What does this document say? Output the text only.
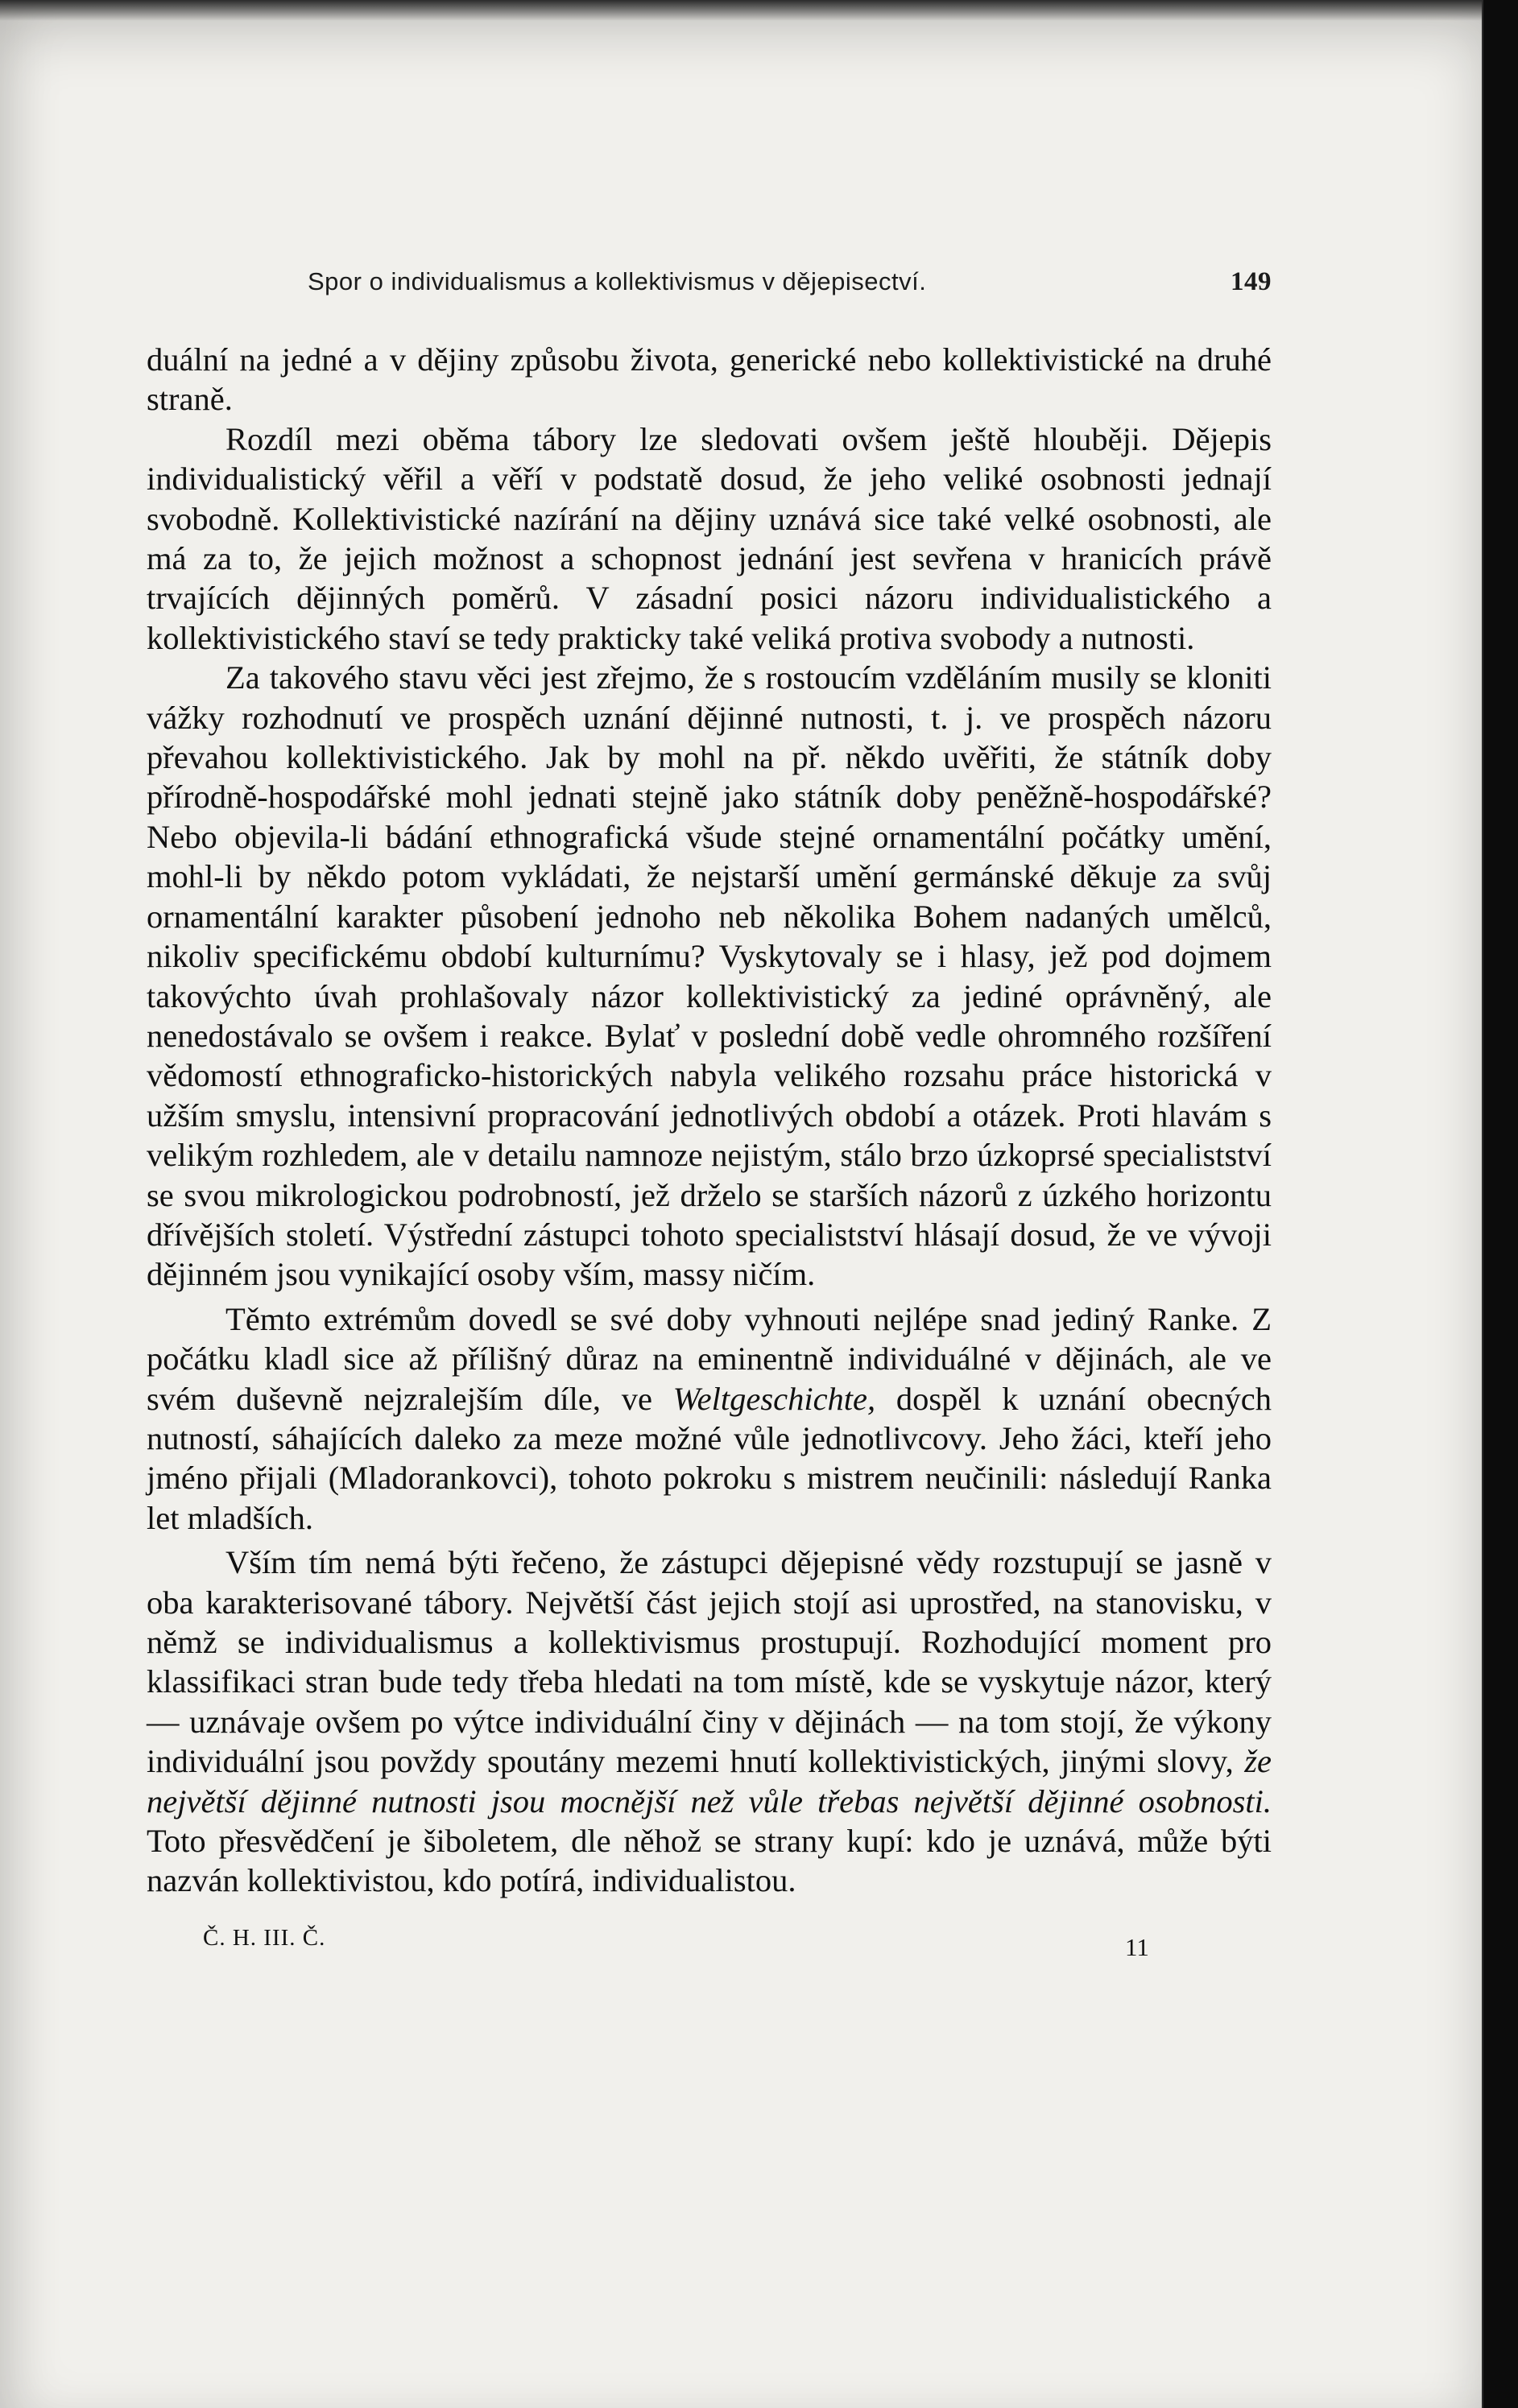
Spor o individualismus a kollektivismus v dějepisectví.	149

duální na jedné a v dějiny způsobu života, generické nebo kollektivistické na druhé straně.

Rozdíl mezi oběma tábory lze sledovati ovšem ještě hlouběji. Dějepis individualistický věřil a věří v podstatě dosud, že jeho veliké osobnosti jednají svobodně. Kollektivistické nazírání na dějiny uznává sice také velké osobnosti, ale má za to, že jejich možnost a schopnost jednání jest sevřena v hranicích právě trvajících dějinných poměrů. V zásadní posici názoru individualistického a kollektivistického staví se tedy prakticky také veliká protiva svobody a nutnosti.

Za takového stavu věci jest zřejmo, že s rostoucím vzděláním musily se kloniti vážky rozhodnutí ve prospěch uznání dějinné nutnosti, t. j. ve prospěch názoru převahou kollektivistického. Jak by mohl na př. někdo uvěřiti, že státník doby přírodně-hospodářské mohl jednati stejně jako státník doby peněžně-hospodářské? Nebo objevila-li bádání ethnografická všude stejné ornamentální počátky umění, mohl-li by někdo potom vykládati, že nejstarší umění germánské děkuje za svůj ornamentální karakter působení jednoho neb několika Bohem nadaných umělců, nikoliv specifickému období kulturnímu? Vyskytovaly se i hlasy, jež pod dojmem takovýchto úvah prohlašovaly názor kollektivistický za jediné oprávněný, ale nenedostávalo se ovšem i reakce. Bylať v poslední době vedle ohromného rozšíření vědomostí ethnograficko-historických nabyla velikého rozsahu práce historická v užším smyslu, intensivní propracování jednotlivých období a otázek. Proti hlavám s velikým rozhledem, ale v detailu namnoze nejistým, stálo brzo úzkoprsé specialistství se svou mikrologickou podrobností, jež drželo se starších názorů z úzkého horizontu dřívějších století. Výstřední zástupci tohoto specialistství hlásají dosud, že ve vývoji dějinném jsou vynikající osoby vším, massy ničím.

Těmto extrémům dovedl se své doby vyhnouti nejlépe snad jediný Ranke. Z počátku kladl sice až přílišný důraz na eminentně individuálné v dějinách, ale ve svém duševně nejzralejším díle, ve Weltgeschichte, dospěl k uznání obecných nutností, sáhajících daleko za meze možné vůle jednotlivcovy. Jeho žáci, kteří jeho jméno přijali (Mladorankovci), tohoto pokroku s mistrem neučinili: následují Ranka let mladších.

Vším tím nemá býti řečeno, že zástupci dějepisné vědy rozstupují se jasně v oba karakterisované tábory. Největší část jejich stojí asi uprostřed, na stanovisku, v němž se individualismus a kollektivismus prostupují. Rozhodující moment pro klassifikaci stran bude tedy třeba hledati na tom místě, kde se vyskytuje názor, který — uznávaje ovšem po výtce individuální činy v dějinách — na tom stojí, že výkony individuální jsou povždy spoutány mezemi hnutí kollektivistických, jinými slovy, že největší dějinné nutnosti jsou mocnější než vůle třebas největší dějinné osobnosti. Toto přesvědčení je šiboletem, dle něhož se strany kupí: kdo je uznává, může býti nazván kollektivistou, kdo potírá, individualistou.

Č. H. III. Č.	11
